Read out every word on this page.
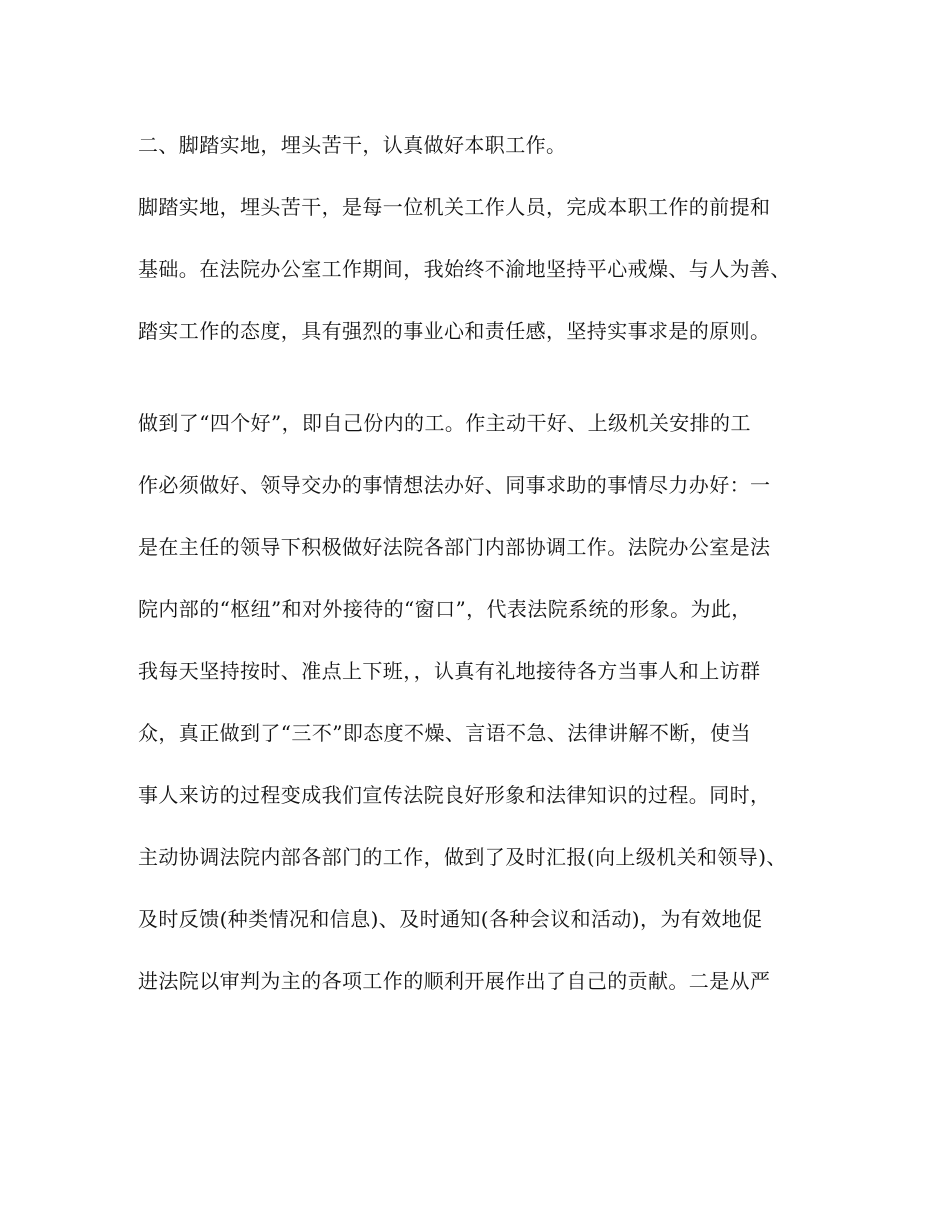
二、脚踏实地，埋头苦干，认真做好本职工作。

脚踏实地，埋头苦干，是每一位机关工作人员，完成本职工作的前提和

基础。在法院办公室工作期间，我始终不渝地坚持平心戒燥、与人为善、

踏实工作的态度，具有强烈的事业心和责任感，坚持实事求是的原则。

做到了“四个好”，即自己份内的工。作主动干好、上级机关安排的工

作必须做好、领导交办的事情想法办好、同事求助的事情尽力办好：一

是在主任的领导下积极做好法院各部门内部协调工作。法院办公室是法

院内部的“枢纽”和对外接待的“窗口”，代表法院系统的形象。为此，

我每天坚持按时、准点上下班，，认真有礼地接待各方当事人和上访群

众，真正做到了“三不”即态度不燥、言语不急、法律讲解不断，使当

事人来访的过程变成我们宣传法院良好形象和法律知识的过程。同时，

主动协调法院内部各部门的工作，做到了及时汇报(向上级机关和领导)、

及时反馈(种类情况和信息)、及时通知(各种会议和活动)，为有效地促

进法院以审判为主的各项工作的顺利开展作出了自己的贡献。二是从严
